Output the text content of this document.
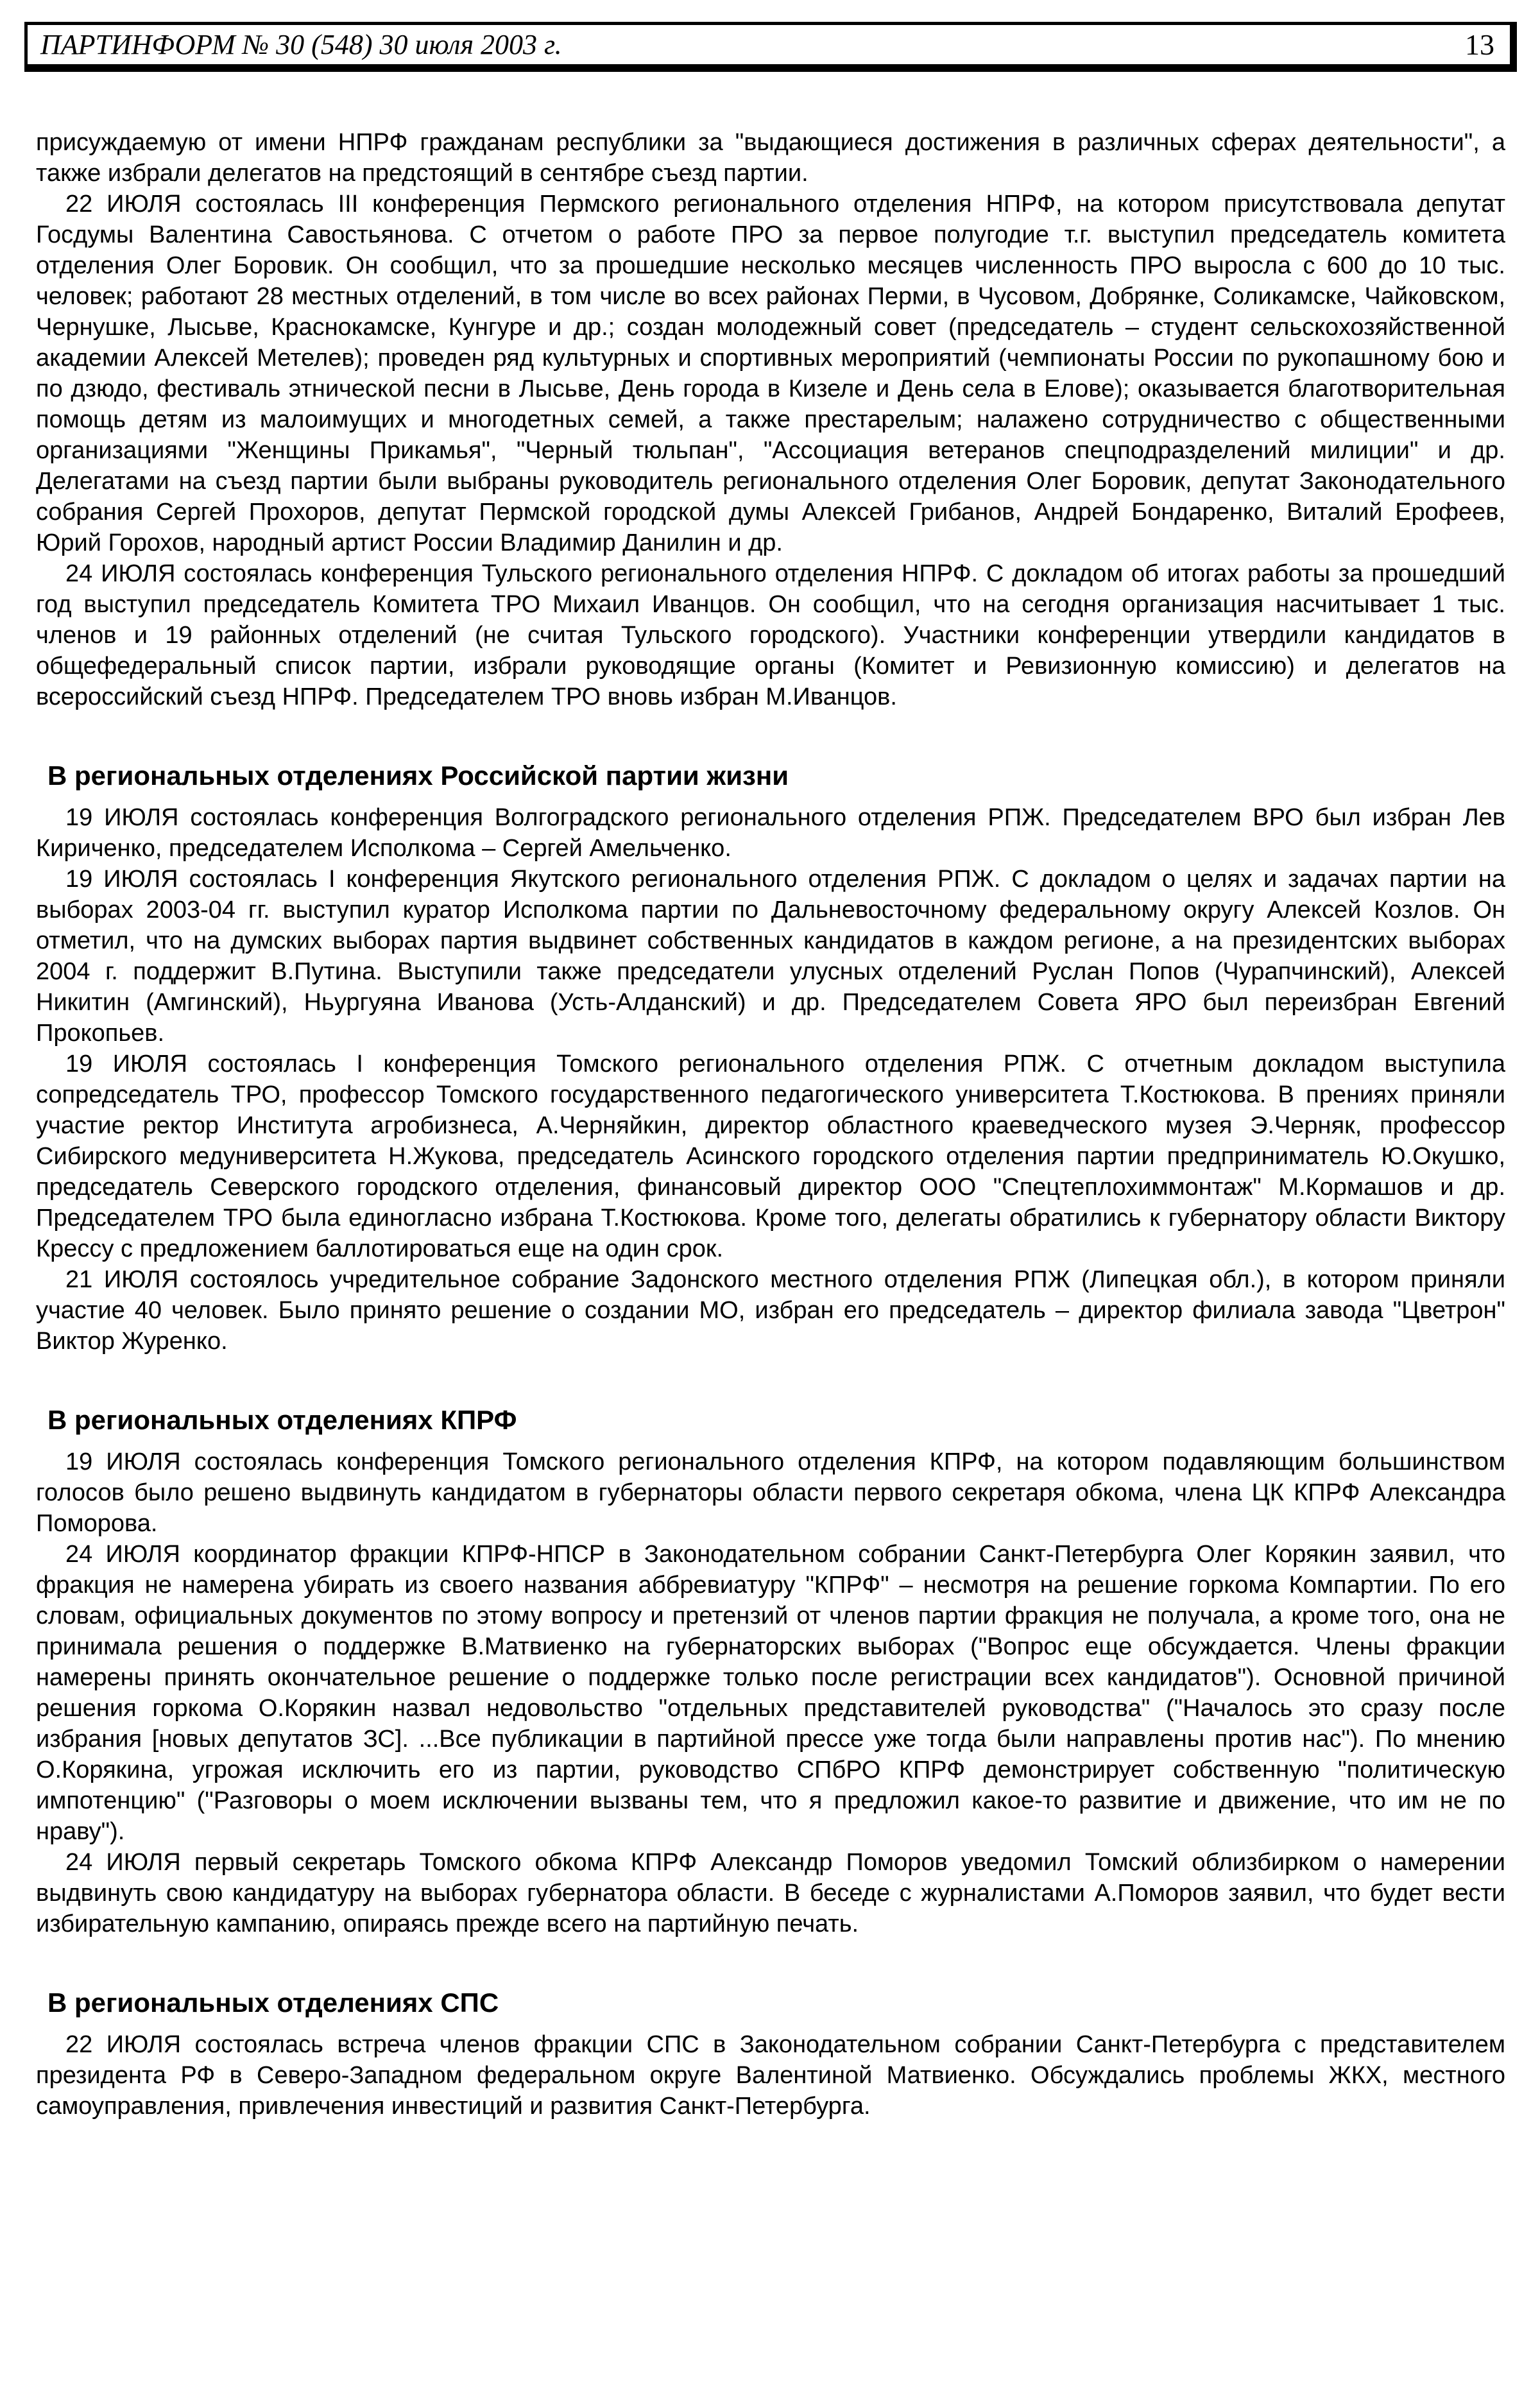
ПАРТИНФОРМ № 30 (548) 30 июля 2003 г.	13

присуждаемую от имени НПРФ гражданам республики за "выдающиеся достижения в различных сферах деятельности", а также избрали делегатов на предстоящий в сентябре съезд партии.

22 ИЮЛЯ состоялась III конференция Пермского регионального отделения НПРФ, на котором присутствовала депутат Госдумы Валентина Савостьянова. С отчетом о работе ПРО за первое полугодие т.г. выступил председатель комитета отделения Олег Боровик. Он сообщил, что за прошедшие несколько месяцев численность ПРО выросла с 600 до 10 тыс. человек; работают 28 местных отделений, в том числе во всех районах Перми, в Чусовом, Добрянке, Соликамске, Чайковском, Чернушке, Лысьве, Краснокамске, Кунгуре и др.; создан молодежный совет (председатель – студент сельскохозяйственной академии Алексей Метелев); проведен ряд культурных и спортивных мероприятий (чемпионаты России по рукопашному бою и по дзюдо, фестиваль этнической песни в Лысьве, День города в Кизеле и День села в Елове); оказывается благотворительная помощь детям из малоимущих и многодетных семей, а также престарелым; налажено сотрудничество с общественными организациями "Женщины Прикамья", "Черный тюльпан", "Ассоциация ветеранов спецподразделений милиции" и др. Делегатами на съезд партии были выбраны руководитель регионального отделения Олег Боровик, депутат Законодательного собрания Сергей Прохоров, депутат Пермской городской думы Алексей Грибанов, Андрей Бондаренко, Виталий Ерофеев, Юрий Горохов, народный артист России Владимир Данилин и др.

24 ИЮЛЯ состоялась конференция Тульского регионального отделения НПРФ. С докладом об итогах работы за прошедший год выступил председатель Комитета ТРО Михаил Иванцов. Он сообщил, что на сегодня организация насчитывает 1 тыс. членов и 19 районных отделений (не считая Тульского городского). Участники конференции утвердили кандидатов в общефедеральный список партии, избрали руководящие органы (Комитет и Ревизионную комиссию) и делегатов на всероссийский съезд НПРФ. Председателем ТРО вновь избран М.Иванцов.

В региональных отделениях Российской партии жизни

19 ИЮЛЯ состоялась конференция Волгоградского регионального отделения РПЖ. Председателем ВРО был избран Лев Кириченко, председателем Исполкома – Сергей Амельченко.

19 ИЮЛЯ состоялась I конференция Якутского регионального отделения РПЖ. С докладом о целях и задачах партии на выборах 2003-04 гг. выступил куратор Исполкома партии по Дальневосточному федеральному округу Алексей Козлов. Он отметил, что на думских выборах партия выдвинет собственных кандидатов в каждом регионе, а на президентских выборах 2004 г. поддержит В.Путина. Выступили также председатели улусных отделений Руслан Попов (Чурапчинский), Алексей Никитин (Амгинский), Ньургуяна Иванова (Усть-Алданский) и др. Председателем Совета ЯРО был переизбран Евгений Прокопьев.

19 ИЮЛЯ состоялась I конференция Томского регионального отделения РПЖ. С отчетным докладом выступила сопредседатель ТРО, профессор Томского государственного педагогического университета Т.Костюкова. В прениях приняли участие ректор Института агробизнеса, А.Черняйкин, директор областного краеведческого музея Э.Черняк, профессор Сибирского медуниверситета Н.Жукова, председатель Асинского городского отделения партии предприниматель Ю.Окушко, председатель Северского городского отделения, финансовый директор ООО "Спецтеплохиммонтаж" М.Кормашов и др. Председателем ТРО была единогласно избрана Т.Костюкова. Кроме того, делегаты обратились к губернатору области Виктору Крессу с предложением баллотироваться еще на один срок.

21 ИЮЛЯ состоялось учредительное собрание Задонского местного отделения РПЖ (Липецкая обл.), в котором приняли участие 40 человек. Было принято решение о создании МО, избран его председатель – директор филиала завода "Цветрон" Виктор Журенко.

В региональных отделениях КПРФ

19 ИЮЛЯ состоялась конференция Томского регионального отделения КПРФ, на котором подавляющим большинством голосов было решено выдвинуть кандидатом в губернаторы области первого секретаря обкома, члена ЦК КПРФ Александра Поморова.

24 ИЮЛЯ координатор фракции КПРФ-НПСР в Законодательном собрании Санкт-Петербурга Олег Корякин заявил, что фракция не намерена убирать из своего названия аббревиатуру "КПРФ" – несмотря на решение горкома Компартии. По его словам, официальных документов по этому вопросу и претензий от членов партии фракция не получала, а кроме того, она не принимала решения о поддержке В.Матвиенко на губернаторских выборах ("Вопрос еще обсуждается. Члены фракции намерены принять окончательное решение о поддержке только после регистрации всех кандидатов"). Основной причиной решения горкома О.Корякин назвал недовольство "отдельных представителей руководства" ("Началось это сразу после избрания [новых депутатов ЗС]. ...Все публикации в партийной прессе уже тогда были направлены против нас"). По мнению О.Корякина, угрожая исключить его из партии, руководство СПбРО КПРФ демонстрирует собственную "политическую импотенцию" ("Разговоры о моем исключении вызваны тем, что я предложил какое-то развитие и движение, что им не по нраву").

24 ИЮЛЯ первый секретарь Томского обкома КПРФ Александр Поморов уведомил Томский облизбирком о намерении выдвинуть свою кандидатуру на выборах губернатора области. В беседе с журналистами А.Поморов заявил, что будет вести избирательную кампанию, опираясь прежде всего на партийную печать.

В региональных отделениях СПС

22 ИЮЛЯ состоялась встреча членов фракции СПС в Законодательном собрании Санкт-Петербурга с представителем президента РФ в Северо-Западном федеральном округе Валентиной Матвиенко. Обсуждались проблемы ЖКХ, местного самоуправления, привлечения инвестиций и развития Санкт-Петербурга.
